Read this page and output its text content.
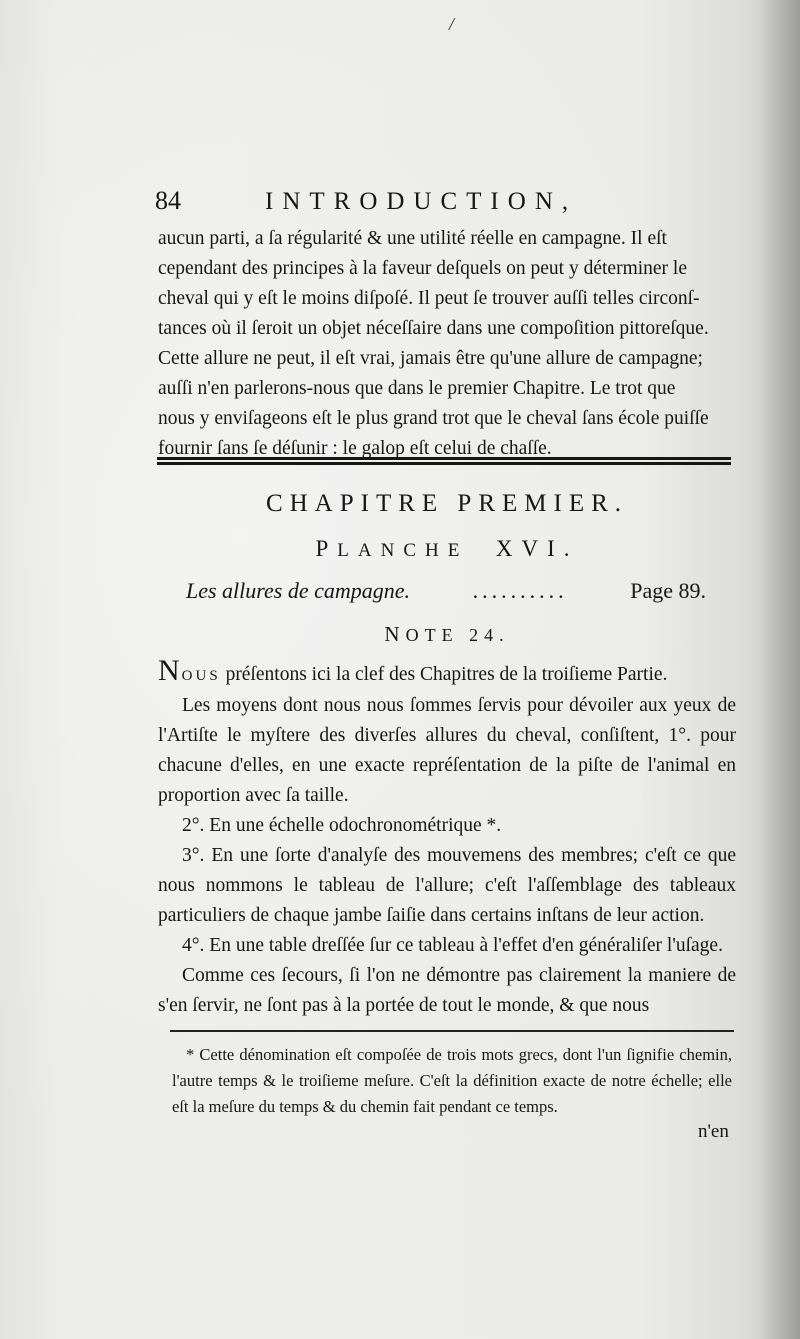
/
84	INTRODUCTION,

aucun parti, a ſa régularité & une utilité réelle en campagne. Il eſt

cependant des principes à la faveur deſquels on peut y déterminer le

cheval qui y eſt le moins diſpoſé. Il peut ſe trouver auſſi telles circonſ-

tances où il ſeroit un objet néceſſaire dans une compoſition pittoreſque.

Cette allure ne peut, il eſt vrai, jamais être qu'une allure de campagne;

auſſi n'en parlerons-nous que dans le premier Chapitre. Le trot que

nous y enviſageons eſt le plus grand trot que le cheval ſans école puiſſe

fournir ſans ſe déſunir : le galop eſt celui de chaſſe.

CHAPITRE PREMIER.
PLANCHE XVI.
Les allures de campagne.	..........	Page 89.
NOTE 24.

NOUS préſentons ici la clef des Chapitres de la troiſieme Partie.

Les moyens dont nous nous ſommes ſervis pour dévoiler aux yeux de l'Artiſte le myſtere des diverſes allures du cheval, conſiſtent, 1°. pour chacune d'elles, en une exacte repréſentation de la piſte de l'animal en proportion avec ſa taille.

2°. En une échelle odochronométrique *.

3°. En une ſorte d'analyſe des mouvemens des membres; c'eſt ce que nous nommons le tableau de l'allure; c'eſt l'aſſemblage des tableaux particuliers de chaque jambe ſaiſie dans certains inſtans de leur action.

4°. En une table dreſſée ſur ce tableau à l'effet d'en généraliſer l'uſage.

Comme ces ſecours, ſi l'on ne démontre pas clairement la maniere de s'en ſervir, ne ſont pas à la portée de tout le monde, & que nous

* Cette dénomination eſt compoſée de trois mots grecs, dont l'un ſignifie chemin, l'autre temps & le troiſieme meſure. C'eſt la définition exacte de notre échelle; elle eſt la meſure du temps & du chemin fait pendant ce temps.
n'en
